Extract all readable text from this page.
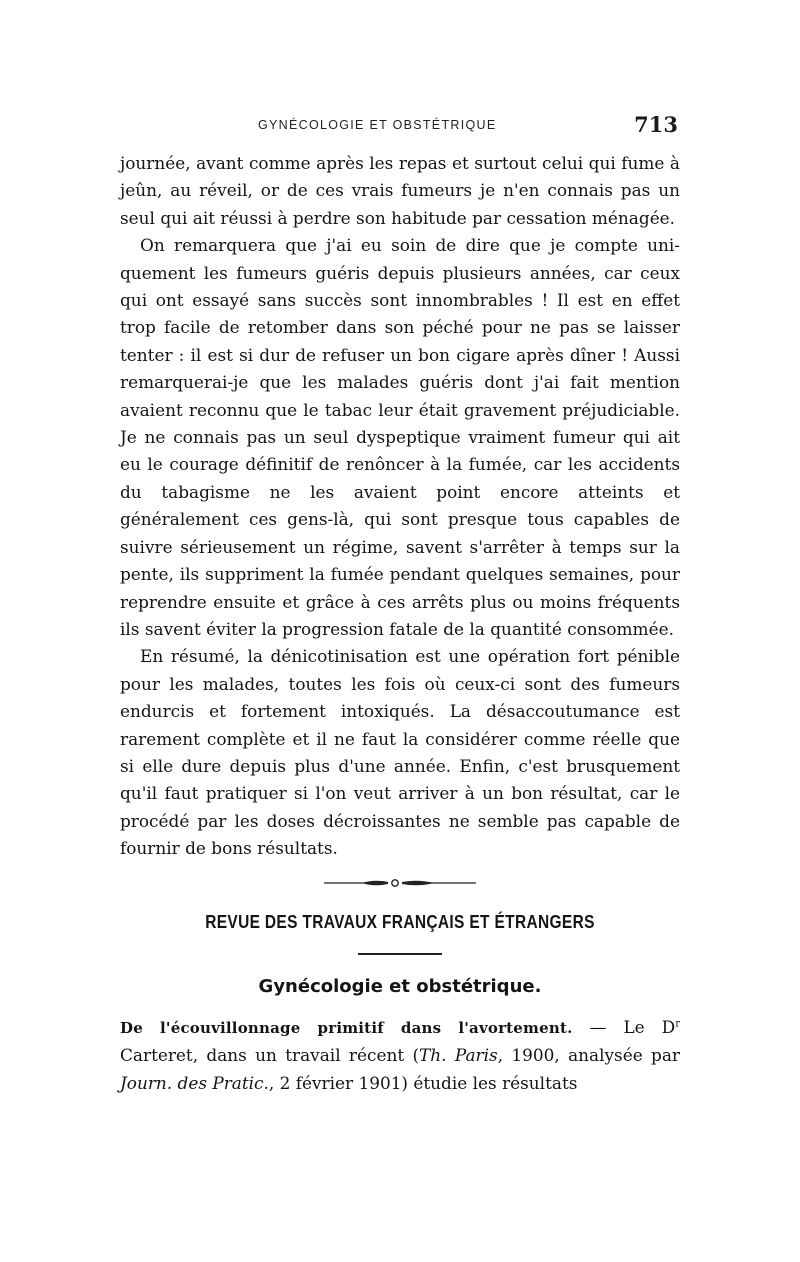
GYNÉCOLOGIE ET OBSTÉTRIQUE	713

journée, avant comme après les repas et surtout celui qui fume à jeûn, au réveil, or de ces vrais fumeurs je n'en connais pas un seul qui ait réussi à perdre son habitude par cessation ménagée.

On remarquera que j'ai eu soin de dire que je compte uniquement les fumeurs guéris depuis plusieurs années, car ceux qui ont essayé sans succès sont innombrables ! Il est en effet trop facile de retomber dans son péché pour ne pas se laisser tenter : il est si dur de refuser un bon cigare après dîner ! Aussi remarquerai-je que les malades guéris dont j'ai fait mention avaient reconnu que le tabac leur était gravement préjudiciable. Je ne connais pas un seul dyspeptique vraiment fumeur qui ait eu le courage définitif de renôncer à la fumée, car les accidents du tabagisme ne les avaient point encore atteints et généralement ces gens-là, qui sont presque tous capables de suivre sérieusement un régime, savent s'arrêter à temps sur la pente, ils suppriment la fumée pendant quelques semaines, pour reprendre ensuite et grâce à ces arrêts plus ou moins fréquents ils savent éviter la progression fatale de la quantité consommée.

En résumé, la dénicotinisation est une opération fort pénible pour les malades, toutes les fois où ceux-ci sont des fumeurs endurcis et fortement intoxiqués. La désaccoutumance est rarement complète et il ne faut la considérer comme réelle que si elle dure depuis plus d'une année. Enfin, c'est brusquement qu'il faut pratiquer si l'on veut arriver à un bon résultat, car le procédé par les doses décroissantes ne semble pas capable de fournir de bons résultats.

REVUE DES TRAVAUX FRANÇAIS ET ÉTRANGERS
Gynécologie et obstétrique.

De l'écouvillonnage primitif dans l'avortement. — Le $D^r$ Carteret, dans un travail récent (Th. Paris, 1900, analysée par Journ. des Pratic., 2 février 1901) étudie les résultats
